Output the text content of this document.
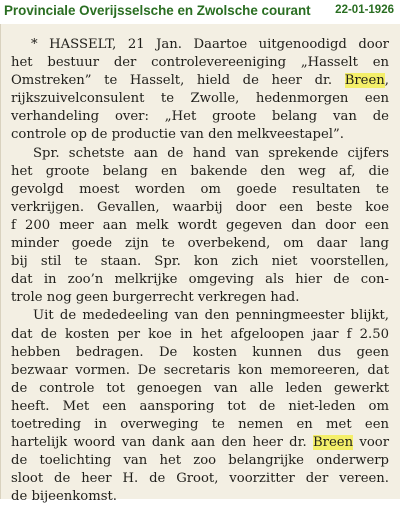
Provinciale Overijsselsche en Zwolsche courant 22-01-1926
* HASSELT, 21 Jan. Daartoe uitgenoodigd door
het bestuur der controlevereeniging „Hasselt en
Omstreken” te Hasselt, hield de heer dr. Breen,
rijkszuivelconsulent te Zwolle, hedenmorgen een
verhandeling over: „Het groote belang van de
controle op de productie van den melkveestapel”.
Spr. schetste aan de hand van sprekende cijfers
het groote belang en bakende den weg af, die
gevolgd moest worden om goede resultaten te
verkrijgen. Gevallen, waarbij door een beste koe
f 200 meer aan melk wordt gegeven dan door een
minder goede zijn te overbekend, om daar lang
bij stil te staan. Spr. kon zich niet voorstellen,
dat in zoo’n melkrijke omgeving als hier de con-
trole nog geen burgerrecht verkregen had.
Uit de mededeeling van den penningmeester blijkt,
dat de kosten per koe in het afgeloopen jaar f 2.50
hebben bedragen. De kosten kunnen dus geen
bezwaar vormen. De secretaris kon memoreeren, dat
de controle tot genoegen van alle leden gewerkt
heeft. Met een aansporing tot de niet-leden om
toetreding in overweging te nemen en met een
hartelijk woord van dank aan den heer dr. Breen voor
de toelichting van het zoo belangrijke onderwerp
sloot de heer H. de Groot, voorzitter der vereen.
de bijeenkomst.
